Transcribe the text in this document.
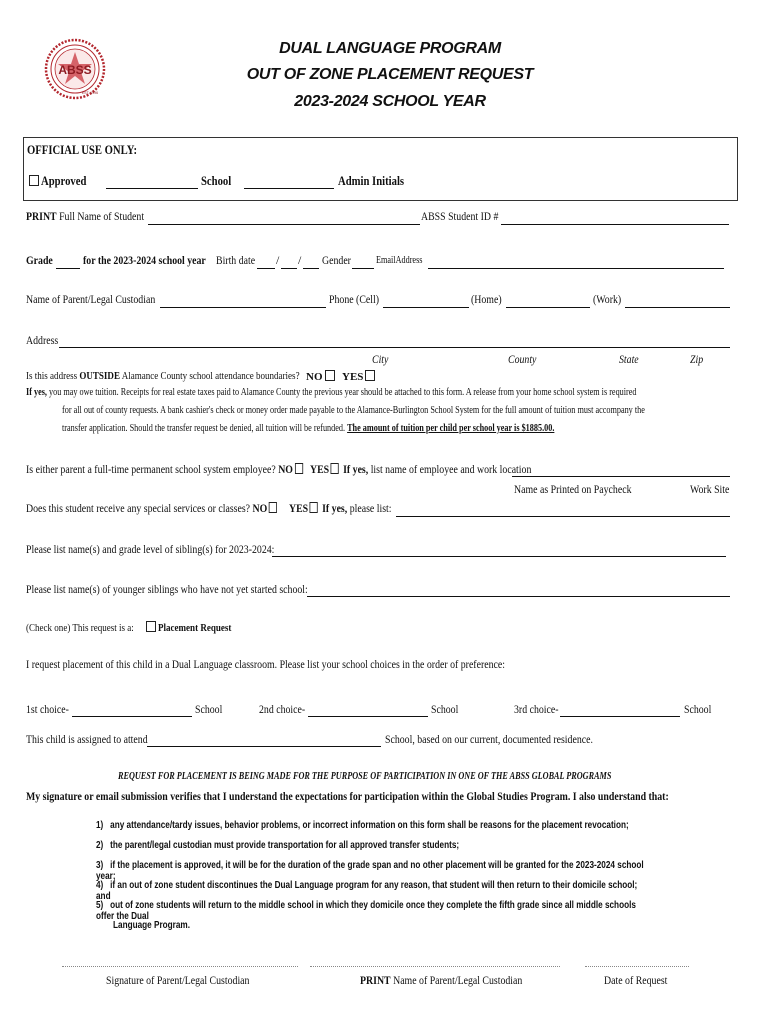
ABSS
EST. 1996
DUAL LANGUAGE PROGRAM
OUT OF ZONE PLACEMENT REQUEST
2023-2024 SCHOOL YEAR
OFFICIAL USE ONLY:
Approved	School	Admin Initials
PRINT Full Name of Student	ABSS Student ID #
Grade	for the 2023-2024 school year Birth date	/ / Gender	EmailAddress
Name of Parent/Legal Custodian	Phone (Cell)	(Home)	(Work)
Address
City	County	State	Zip
Is this address OUTSIDE Alamance County school attendance boundaries? NO	YES
If yes, you may owe tuition. Receipts for real estate taxes paid to Alamance County the previous year should be attached to this form. A release from your home school system is required
for all out of county requests. A bank cashier's check or money order made payable to the Alamance-Burlington School System for the full amount of tuition must accompany the
transfer application. Should the transfer request be denied, all tuition will be refunded. The amount of tuition per child per school year is $1885.00.
Is either parent a full-time permanent school system employee? NO	YES If yes, list name of employee and work location
Name as Printed on Paycheck	Work Site
Does this student receive any special services or classes? NO	YES If yes, please list:
Please list name(s) and grade level of sibling(s) for 2023-2024:
Please list name(s) of younger siblings who have not yet started school:
(Check one) This request is a:	Placement Request
I request placement of this child in a Dual Language classroom. Please list your school choices in the order of preference:
1st choice-	School	2nd choice-	School	3rd choice-	School
This child is assigned to attend	School, based on our current, documented residence.
REQUEST FOR PLACEMENT IS BEING MADE FOR THE PURPOSE OF PARTICIPATION IN ONE OF THE ABSS GLOBAL PROGRAMS
My signature or email submission verifies that I understand the expectations for participation within the Global Studies Program. I also understand that:
1) any attendance/tardy issues, behavior problems, or incorrect information on this form shall be reasons for the placement revocation;
2) the parent/legal custodian must provide transportation for all approved transfer students;
3) if the placement is approved, it will be for the duration of the grade span and no other placement will be granted for the 2023-2024 school year;
4) if an out of zone student discontinues the Dual Language program for any reason, that student will then return to their domicile school; and
5) out of zone students will return to the middle school in which they domicile once they complete the fifth grade since all middle schools offer the Dual
Language Program.
Signature of Parent/Legal Custodian	PRINT Name of Parent/Legal Custodian	Date of Request
